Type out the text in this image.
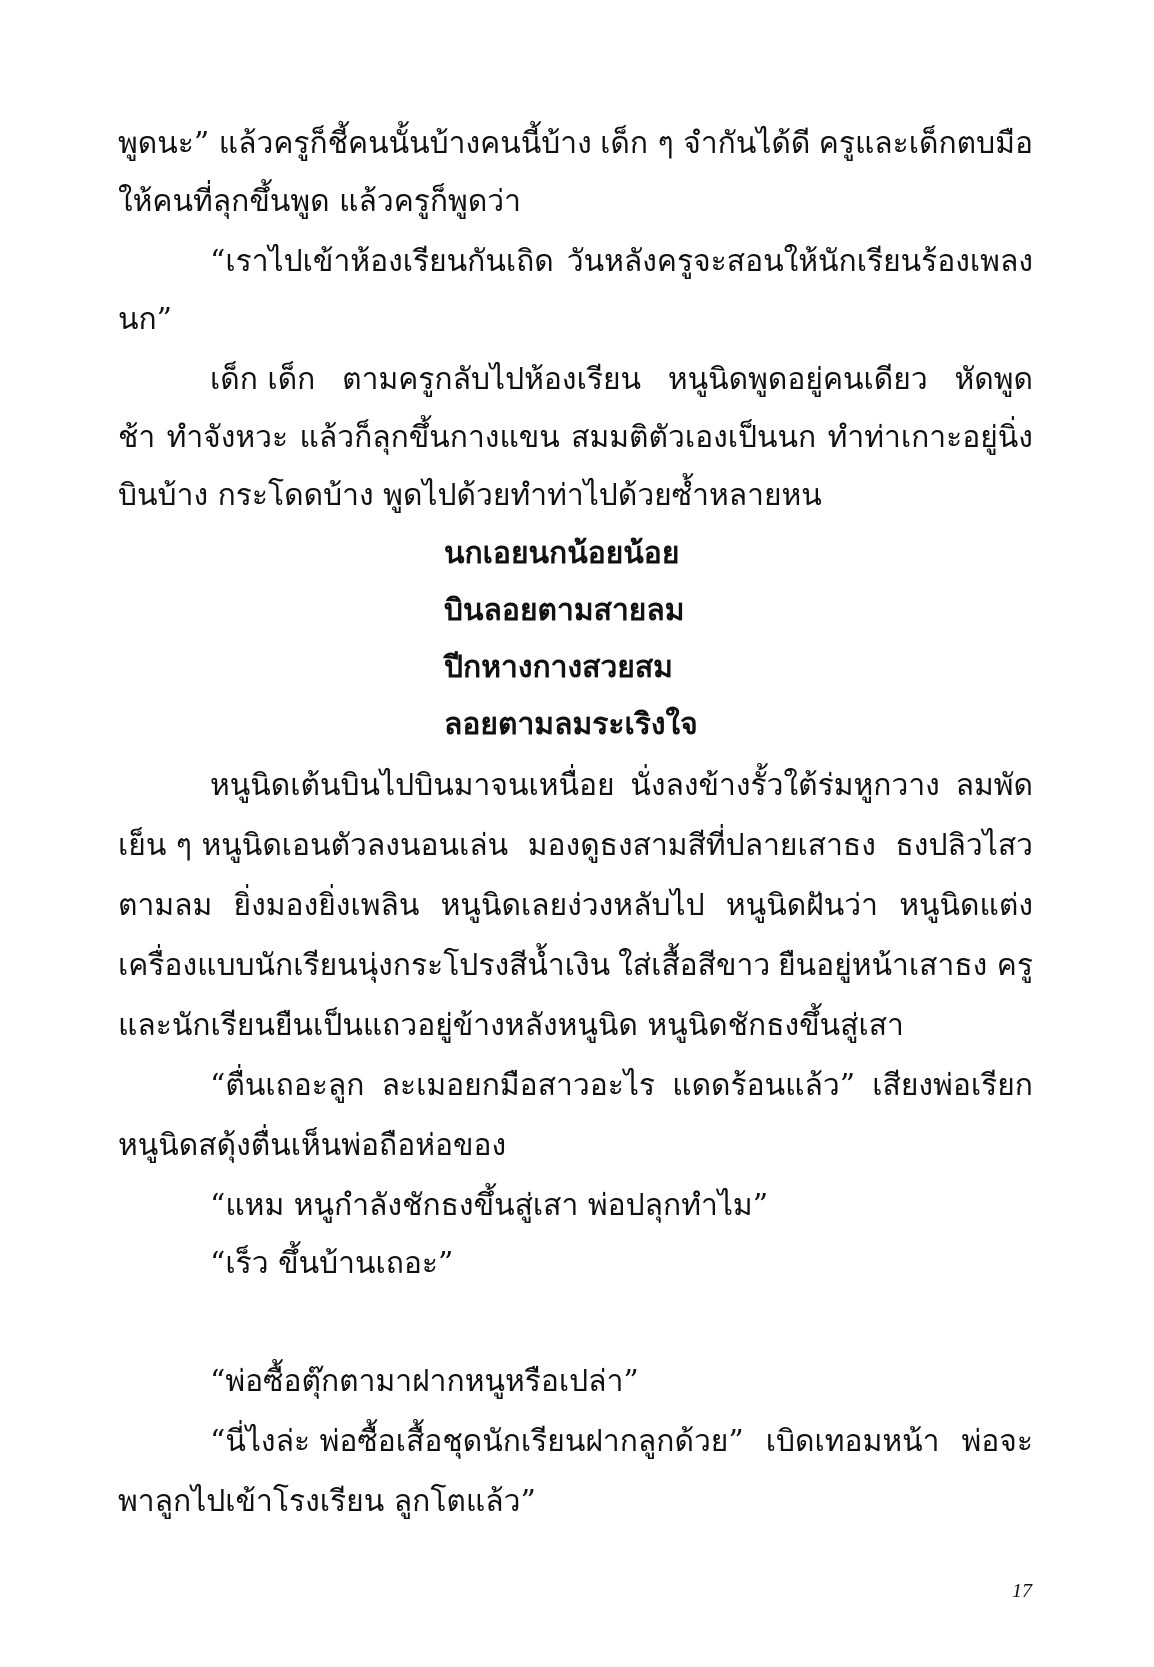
พูดนะ” แล้วครูก็ชี้คนนั้นบ้างคนนี้บ้าง เด็ก ๆ จำกันได้ดี ครูและเด็กตบมือ
ให้คนที่ลุกขึ้นพูด แล้วครูก็พูดว่า
“เราไปเข้าห้องเรียนกันเถิด วันหลังครูจะสอนให้นักเรียนร้องเพลง
นก”
เด็ก เด็ก ตามครูกลับไปห้องเรียน หนูนิดพูดอยู่คนเดียว หัดพูด
ช้า ทำจังหวะ แล้วก็ลุกขึ้นกางแขน สมมติตัวเองเป็นนก ทำท่าเกาะอยู่นิ่ง
บินบ้าง กระโดดบ้าง พูดไปด้วยทำท่าไปด้วยซ้ำหลายหน
นกเอยนกน้อยน้อย
บินลอยตามสายลม
ปีกหางกางสวยสม
ลอยตามลมระเริงใจ
หนูนิดเต้นบินไปบินมาจนเหนื่อย นั่งลงข้างรั้วใต้ร่มหูกวาง ลมพัด
เย็น ๆ หนูนิดเอนตัวลงนอนเล่น มองดูธงสามสีที่ปลายเสาธง ธงปลิวไสว
ตามลม ยิ่งมองยิ่งเพลิน หนูนิดเลยง่วงหลับไป หนูนิดฝันว่า หนูนิดแต่ง
เครื่องแบบนักเรียนนุ่งกระโปรงสีน้ำเงิน ใส่เสื้อสีขาว ยืนอยู่หน้าเสาธง ครู
และนักเรียนยืนเป็นแถวอยู่ข้างหลังหนูนิด หนูนิดชักธงขึ้นสู่เสา
“ตื่นเถอะลูก ละเมอยกมือสาวอะไร แดดร้อนแล้ว” เสียงพ่อเรียก
หนูนิดสดุ้งตื่นเห็นพ่อถือห่อของ
“แหม หนูกำลังชักธงขึ้นสู่เสา พ่อปลุกทำไม”
“เร็ว ขึ้นบ้านเถอะ”
“พ่อซื้อตุ๊กตามาฝากหนูหรือเปล่า”
“นี่ไงล่ะ พ่อซื้อเสื้อชุดนักเรียนฝากลูกด้วย” เบิดเทอมหน้า พ่อจะ
พาลูกไปเข้าโรงเรียน ลูกโตแล้ว”
17
